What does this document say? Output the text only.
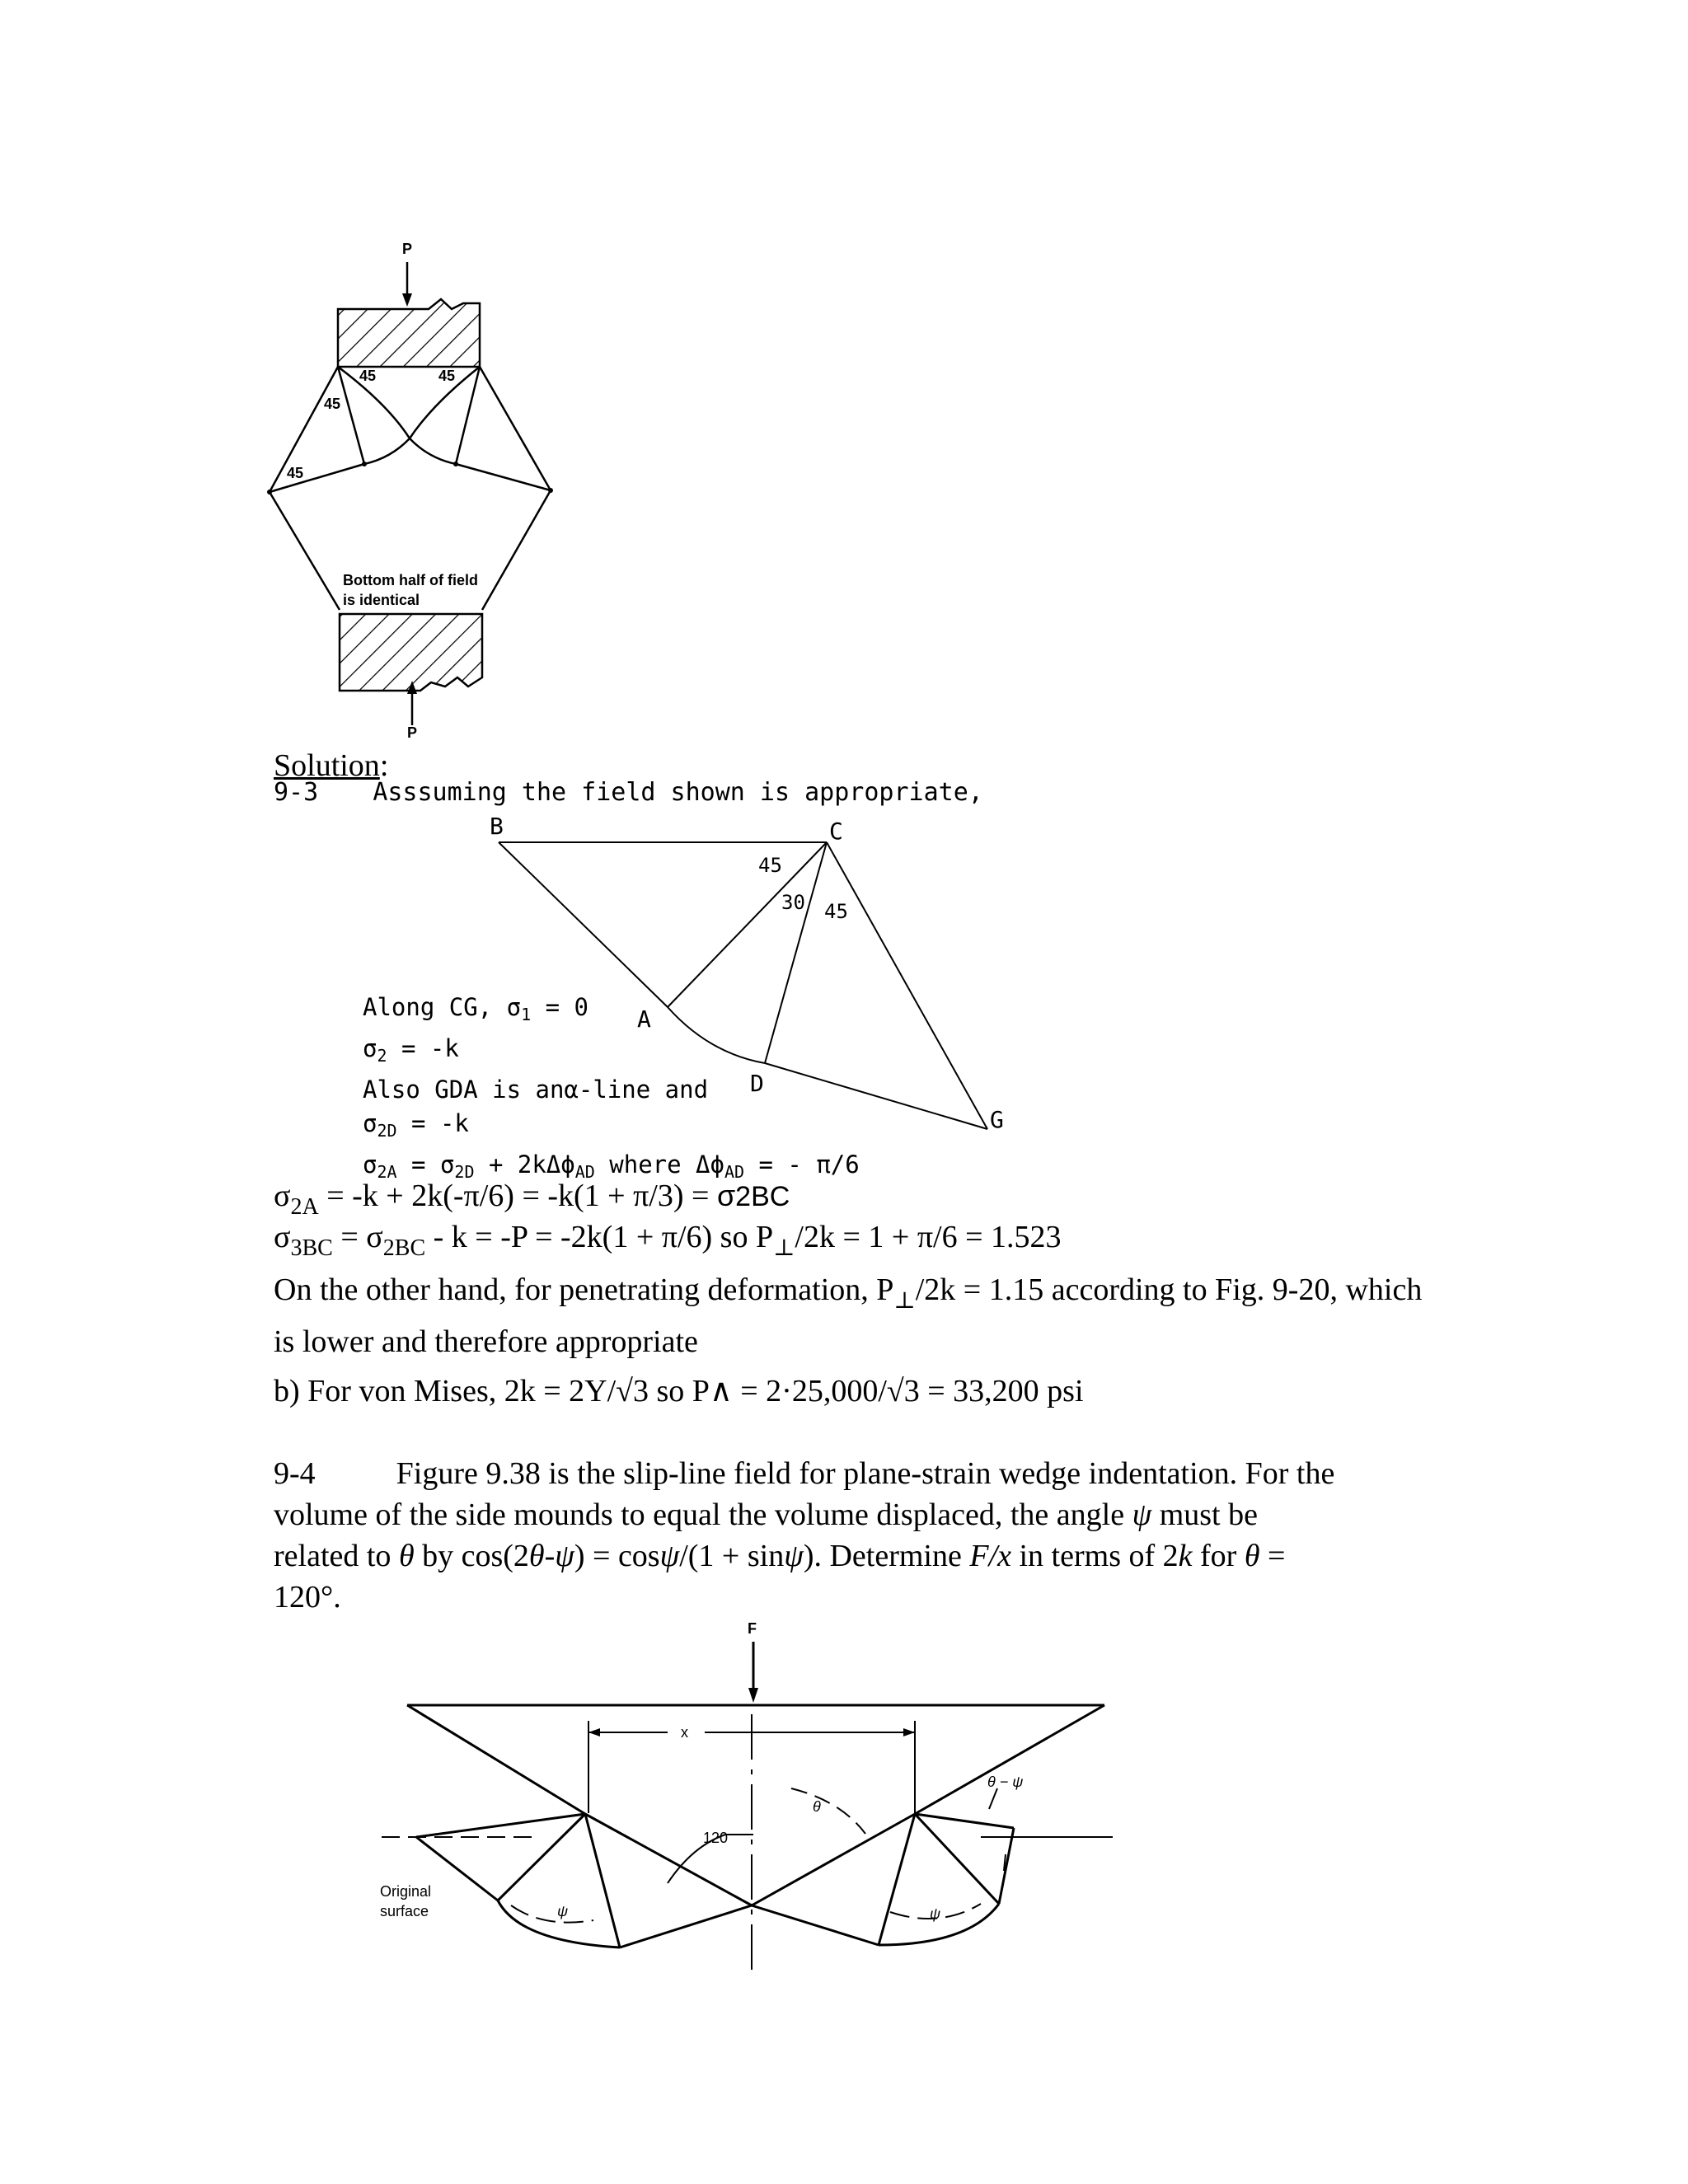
P
P
45	45
45
45
Bottom half of field
is identical
Solution:
9-3 Asssuming the field shown is appropriate,
B	C
A
D
G
45
30 45
Along CG, $\sigma_1 = 0$
$\sigma_2 = -k$
Also GDA is anα-line and
$\sigma_{2D} = -k$
$\sigma_{2A} = \sigma_{2D} + 2k\Delta\phi_{AD}$ where $\Delta\phi_{AD}$ = - π/6
$\sigma_{2A} = -k + 2k(-\pi/6) = -k(1 + \pi/3) = \sigma 2BC$
$\sigma_{3BC} = \sigma_{2BC} - k = -P = -2k(1 + \pi/6)$ so $P_\perp/2k = 1 + \pi/6 = 1.523$
On the other hand, for penetrating deformation, $P_\perp/2k = 1.15$ according to Fig. 9-20, which
is lower and therefore appropriate
b) For von Mises, 2k = 2Y/√3 so P∧ = 2·25,000/√3 = 33,200 psi
9-4	Figure 9.38 is the slip-line field for plane-strain wedge indentation. For the
volume of the side mounds to equal the volume displaced, the angle ψ must be
related to θ by cos(2θ-ψ) = cosψ/(1 + sinψ). Determine F/x in terms of 2k for θ =
120°.
F
x
θ
θ − ψ
120
ψ	ψ
Original
surface
